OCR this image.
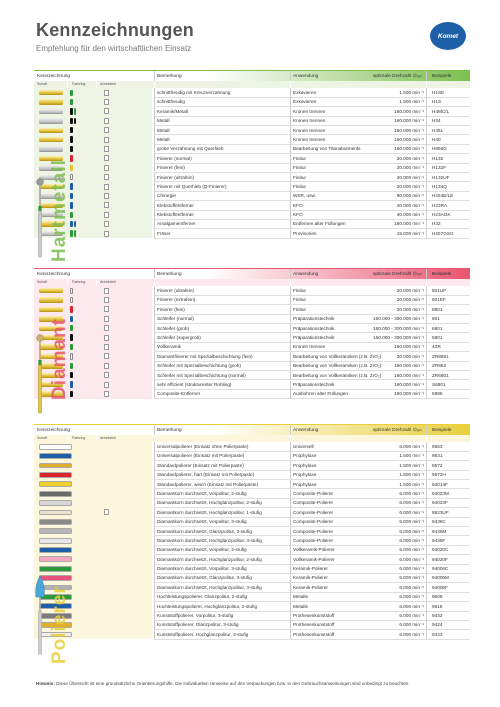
Kennzeichnungen
Empfehlung für den wirtschaftlichen Einsatz
Komet
Kennzeichnung	Bemerkung	Anwendung	optimale Drehzahl ⊙ₒₚₜ Beispiele
Schaft	Farbring	Arbeitsteil
schnittfreudig mit Kreuzverzahnung	Exkavieren	1.500 min⁻¹ H1SE
schnittfreudig	Exkavieren	1.500 min⁻¹ H1S
Keramik/Metall	Kronen trennen	160.000 min⁻¹ H4MC/L
Metall	Kronen trennen	160.000 min⁻¹ H34
Metall	Kronen trennen	160.000 min⁻¹ H35L
Metall	Kronen trennen	160.000 min⁻¹ H40
grobe Verzahnung mit Querhieb	Bearbeitung von Titanabutments	160.000 min⁻¹ H856G
Finierer (normal)	Finitur	20.000 min⁻¹ H132
Finierer (fein)	Finitur	20.000 min⁻¹ H132F
Finierer (ultrafein)	Finitur	20.000 min⁻¹ H132UF
Finierer mit Querhieb (Q-Finierer)	Finitur	20.000 min⁻¹ H134Q
Chirurgie	WSR, usw.	80.000 min⁻¹ H254E/LE
Klebstoffentferner	KFO	40.000 min⁻¹ H23RA
Klebstoffentferner	KFO	40.000 min⁻¹ H23AGK
Amalgamentferner	Entfernen alter Füllungen	160.000 min⁻¹ H32
Fräser	Provisorien	15.000 min⁻¹ H257GSG
Kennzeichnung	Bemerkung	Anwendung	optimale Drehzahl ⊙ₒₚₜ Beispiele
Schaft	Farbring	Arbeitsteil
Finierer (ultrafein)	Finitur	20.000 min⁻¹ 801UF
Finierer (extrafein)	Finitur	20.000 min⁻¹ 801EF
Finierer (fein)	Finitur	20.000 min⁻¹ 8801
Schleifer (normal)	Präparationstechnik	160.000 - 300.000 min⁻¹ 801
Schleifer (grob)	Präparationstechnik	160.000 - 300.000 min⁻¹ 6801
Schleifer (supergrob)	Präparationstechnik	160.000 - 300.000 min⁻¹ 5801
Vollkeramik	Kronen trennen	160.000 min⁻¹ 4ZR
Diamantfinierer mit Spezialbeschichtung (fein)	Bearbeitung von Vollkeramiken (z.B. ZrO₂)	20.000 min⁻¹ ZR8881
Schleifer mit Spezialbeschichtung (grob)	Bearbeitung von Vollkeramiken (z.B. ZrO₂)	160.000 min⁻¹ ZR862
Schleifer mit Spezialbeschichtung (normal)	Bearbeitung von Vollkeramiken (z.B. ZrO₂)	160.000 min⁻¹ ZR6801
sehr effizient (struktureirter Rohling)	Präparationstechnik	160.000 min⁻¹ S6801
Composite-Entferner	Ausbohren alter Füllungen	160.000 min⁻¹ 5985
Kennzeichnung	Bemerkung	Anwendung	optimale Drehzahl ⊙ₒₚₜ Beispiele
Schaft	Farbring	Arbeitsteil
Universalpolierer (Einsatz ohne Polierpaste)	Universell	6.000 min⁻¹ 9553
Universalpolierer (Einsatz mit Polierpaste)	Prophylaxe	1.500 min⁻¹ 9631
Standardpolierer (Einsatz mit Polierpaste)	Prophylaxe	1.500 min⁻¹ 9672
Standardpolierer, hart (Einsatz mit Polierpaste)	Prophylaxe	1.500 min⁻¹ 9672H
Standardpolierer, weich (Einsatz mit Polierpaste)	Prophylaxe	1.500 min⁻¹ 94014F
Diamantkorn durchsetzt, Vorpolitur, 2-stufig	Composite-Polierer	6.000 min⁻¹ 94023M
Diamantkorn durchsetzt, Hochglanzpolitur, 2-stufig	Composite-Polierer	6.000 min⁻¹ 94023F
Diamantkorn durchsetzt, Hochglanzpolitur, 1-stufig	Composite-Polierer	6.000 min⁻¹ 9523UF
Diamantkorn durchsetzt, Vorpolitur, 3-stufig	Composite-Polierer	6.000 min⁻¹ 9436C
Diamantkorn durchsetzt, Glanzpolitur, 3-stufig	Composite-Polierer	6.000 min⁻¹ 9436M
Diamantkorn durchsetzt, Hochglanzpolitur, 3-stufig	Composite-Polierer	6.000 min⁻¹ 9436F
Diamantkorn durchsetzt, Vorpolitur, 2-stufig	Vollkeramik-Polierer	6.000 min⁻¹ 94020C
Diamantkorn durchsetzt, Hochglanzpolitur, 2-stufig	Vollkeramik-Polierer	6.000 min⁻¹ 94020F
Diamantkorn durchsetzt, Vorpolitur, 3-stufig	Keramik-Polierer	6.000 min⁻¹ 94006C
Diamantkorn durchsetzt, Glanzpolitur, 3-stufig	Keramik-Polierer	6.000 min⁻¹ 94006M
Diamantkorn durchsetzt, Hochglanzpolitur, 3-stufig	Keramik-Polierer	6.000 min⁻¹ 94006F
Hochleistungspolierer, Glanzpolitur, 2-stufig	Metalle	6.000 min⁻¹ 9608
Hochleistungspolierer, Hochglanzpolitur, 2-stufig	Metalle	6.000 min⁻¹ 9618
Kunststoffpolierer, Vorpolitur, 3-stufig	Prothesenkunststoff	6.000 min⁻¹ 9432
Kunststoffpolierer, Glanzpolitur, 3-stufig	Prothesenkunststoff	6.000 min⁻¹ 9424
Kunststoffpolierer, Hochglanzpolitur, 3-stufig	Prothesenkunststoff	6.000 min⁻¹ 9433
Hartmetall
Diamant
Polierer
Hinweis: Diese Übersicht ist eine grundsätzliche Orientierungshilfe. Die individuellen Hinweise auf den Verpackungen bzw. in den Gebrauchsanweisungen sind unbedingt zu beachten.
